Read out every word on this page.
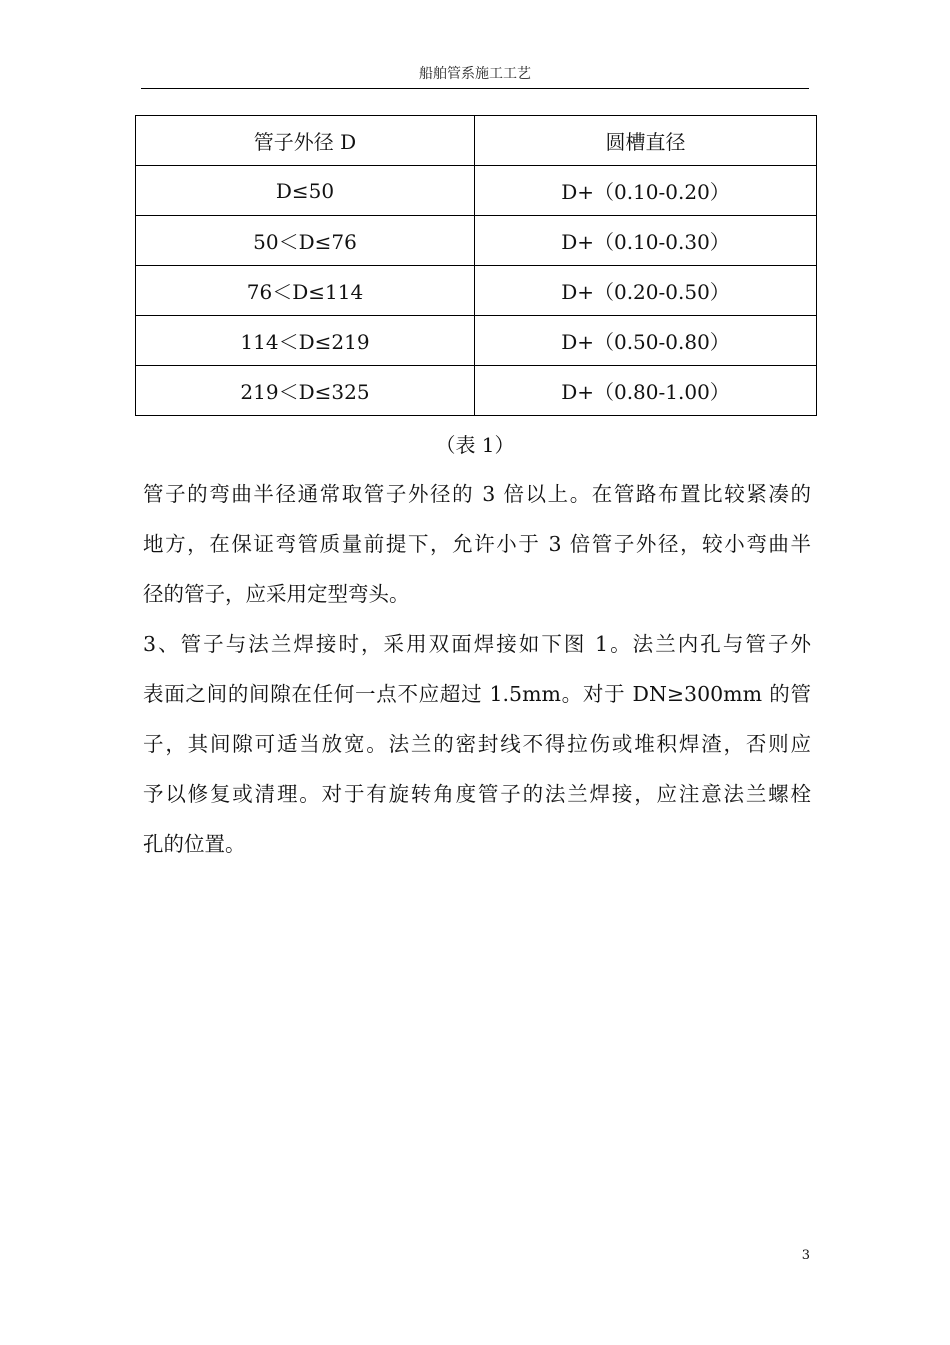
船舶管系施工工艺
管子外径 D	圆槽直径
D≤50	D+（0.10-0.20）
50＜D≤76	D+（0.10-0.30）
76＜D≤114	D+（0.20-0.50）
114＜D≤219	D+（0.50-0.80）
219＜D≤325	D+（0.80-1.00）
（表 1）

管子的弯曲半径通常取管子外径的 3 倍以上。在管路布置比较紧凑的
地方，在保证弯管质量前提下，允许小于 3 倍管子外径，较小弯曲半
径的管子，应采用定型弯头。

3、管子与法兰焊接时，采用双面焊接如下图 1。法兰内孔与管子外
表面之间的间隙在任何一点不应超过 1.5mm。对于 DN≥300mm 的管
子，其间隙可适当放宽。法兰的密封线不得拉伤或堆积焊渣，否则应
予以修复或清理。对于有旋转角度管子的法兰焊接，应注意法兰螺栓
孔的位置。

3
